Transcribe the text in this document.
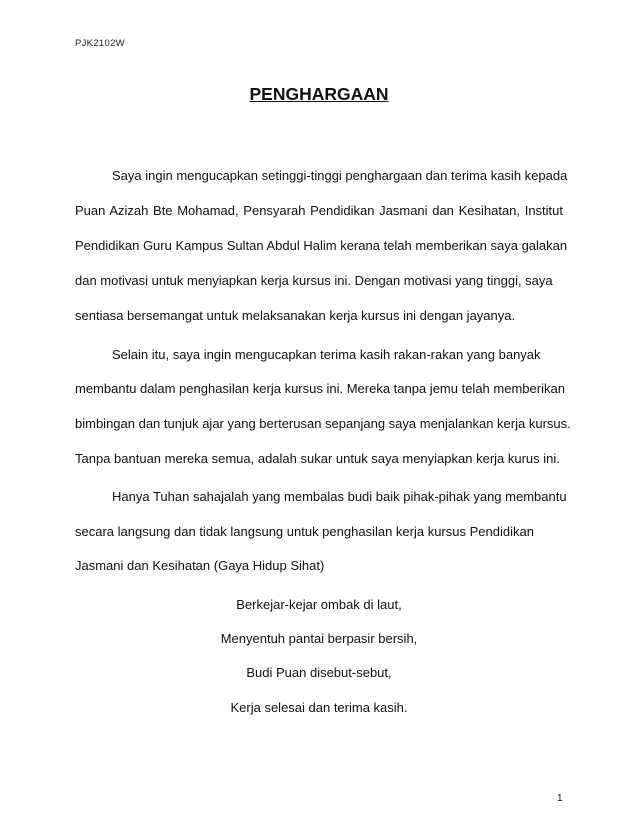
PJK2102W
PENGHARGAAN
Saya ingin mengucapkan setinggi-tinggi penghargaan dan terima kasih kepada
Puan Azizah Bte Mohamad, Pensyarah Pendidikan Jasmani dan Kesihatan, Institut
Pendidikan Guru Kampus Sultan Abdul Halim kerana telah memberikan saya galakan
dan motivasi untuk menyiapkan kerja kursus ini. Dengan motivasi yang tinggi, saya
sentiasa bersemangat untuk melaksanakan kerja kursus ini dengan jayanya.
Selain itu, saya ingin mengucapkan terima kasih rakan-rakan yang banyak
membantu dalam penghasilan kerja kursus ini. Mereka tanpa jemu telah memberikan
bimbingan dan tunjuk ajar yang berterusan sepanjang saya menjalankan kerja kursus.
Tanpa bantuan mereka semua, adalah sukar untuk saya menyiapkan kerja kurus ini.
Hanya Tuhan sahajalah yang membalas budi baik pihak-pihak yang membantu
secara langsung dan tidak langsung untuk penghasilan kerja kursus Pendidikan
Jasmani dan Kesihatan (Gaya Hidup Sihat)
Berkejar-kejar ombak di laut,
Menyentuh pantai berpasir bersih,
Budi Puan disebut-sebut,
Kerja selesai dan terima kasih.
1
